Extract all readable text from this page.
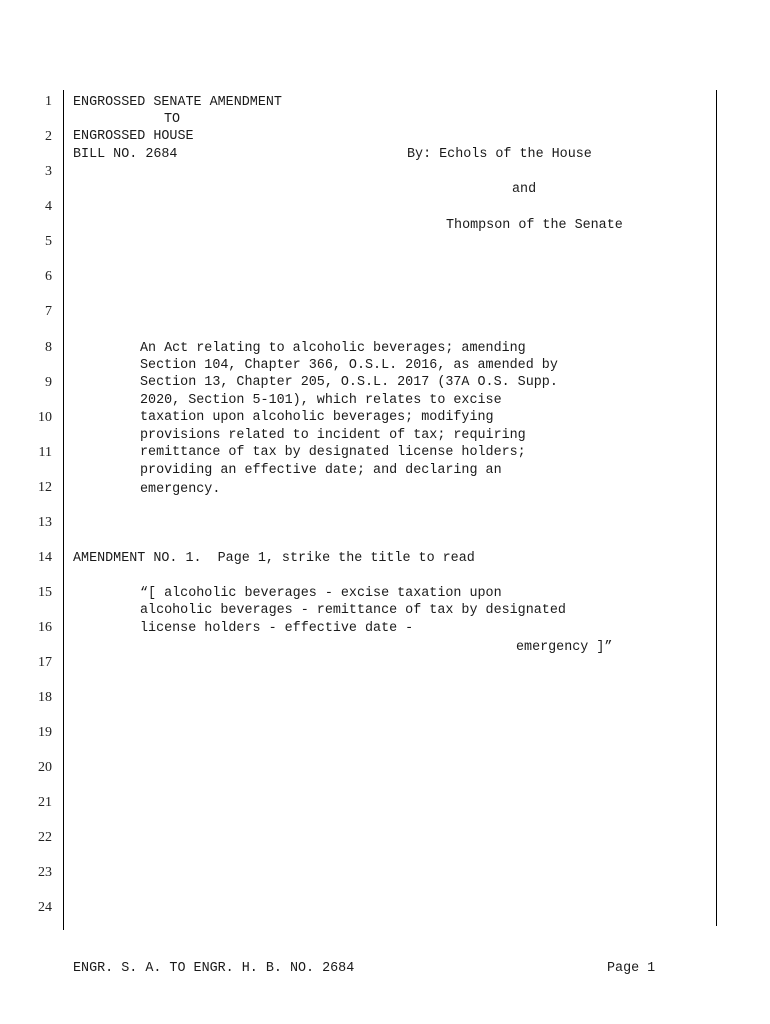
1
2
3
4
5
6
7
8
9
10
11
12
13
14
15
16
17
18
19
20
21
22
23
24
ENGROSSED SENATE AMENDMENT
TO
ENGROSSED HOUSE
BILL NO. 2684	By: Echols of the House
and
Thompson of the Senate
An Act relating to alcoholic beverages; amending
Section 104, Chapter 366, O.S.L. 2016, as amended by
Section 13, Chapter 205, O.S.L. 2017 (37A O.S. Supp.
2020, Section 5-101), which relates to excise
taxation upon alcoholic beverages; modifying
provisions related to incident of tax; requiring
remittance of tax by designated license holders;
providing an effective date; and declaring an
emergency.
AMENDMENT NO. 1.  Page 1, strike the title to read
“[ alcoholic beverages - excise taxation upon
alcoholic beverages - remittance of tax by designated
license holders - effective date -
emergency ]”
ENGR. S. A. TO ENGR. H. B. NO. 2684	Page 1
